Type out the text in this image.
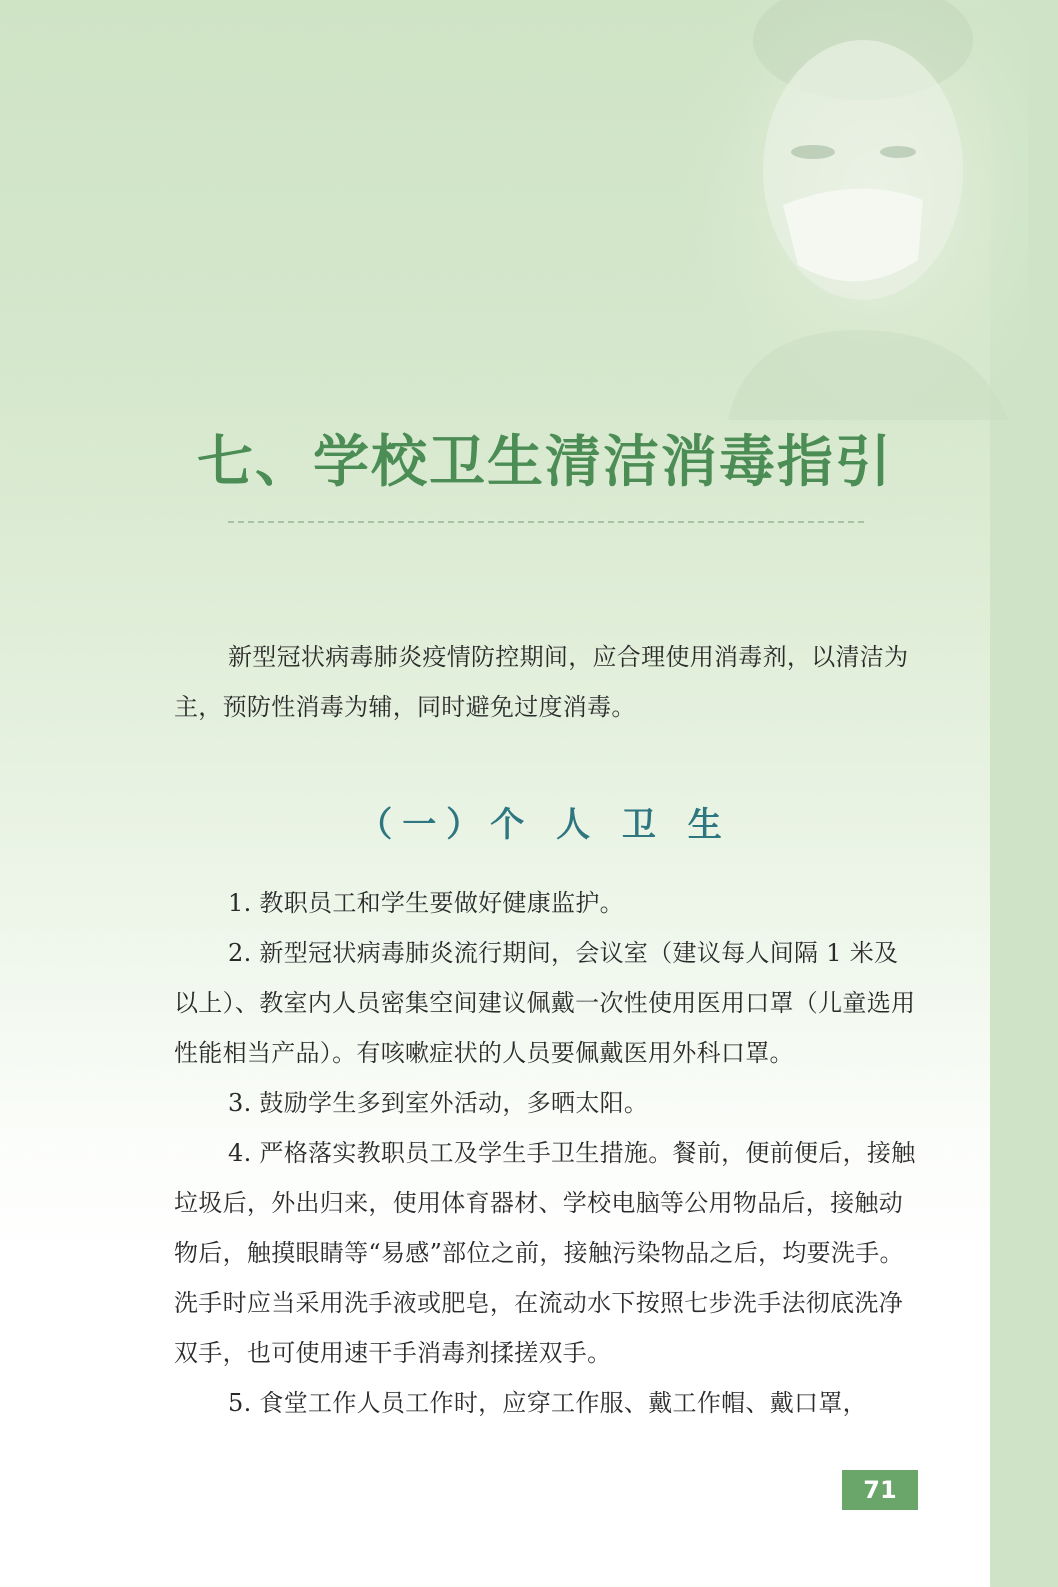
七、学校卫生清洁消毒指引

新型冠状病毒肺炎疫情防控期间，应合理使用消毒剂，以清洁为主，预防性消毒为辅，同时避免过度消毒。

（一）个 人 卫 生

1. 教职员工和学生要做好健康监护。

2. 新型冠状病毒肺炎流行期间，会议室（建议每人间隔 1 米及以上）、教室内人员密集空间建议佩戴一次性使用医用口罩（儿童选用性能相当产品）。有咳嗽症状的人员要佩戴医用外科口罩。

3. 鼓励学生多到室外活动，多晒太阳。

4. 严格落实教职员工及学生手卫生措施。餐前，便前便后，接触垃圾后，外出归来，使用体育器材、学校电脑等公用物品后，接触动物后，触摸眼睛等“易感”部位之前，接触污染物品之后，均要洗手。洗手时应当采用洗手液或肥皂，在流动水下按照七步洗手法彻底洗净双手，也可使用速干手消毒剂揉搓双手。

5. 食堂工作人员工作时，应穿工作服、戴工作帽、戴口罩，

71
